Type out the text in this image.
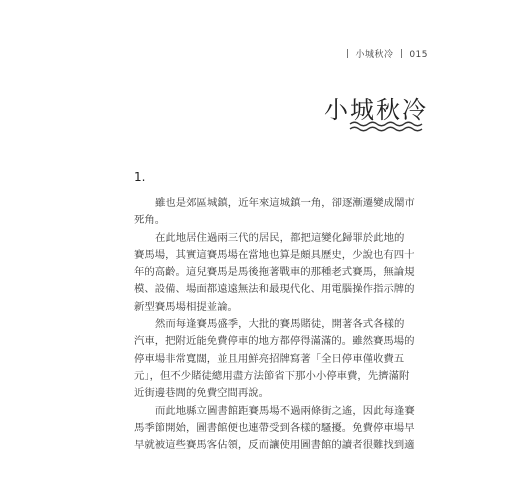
小城秋冷 015
小城秋冷
1.

雖也是郊區城鎮，近年來這城鎮一角，卻逐漸遷變成鬧市
死角。

在此地居住過兩三代的居民，都把這變化歸罪於此地的
賽馬場，其實這賽馬場在當地也算是頗具歷史，少說也有四十
年的高齡。這兒賽馬是馬後拖著戰車的那種老式賽馬，無論規
模、設備、場面都遠遠無法和最現代化、用電腦操作指示牌的
新型賽馬場相提並論。

然而每逢賽馬盛季，大批的賽馬賭徒，開著各式各樣的
汽車，把附近能免費停車的地方都停得滿滿的。雖然賽馬場的
停車場非常寬闊，並且用鮮亮招牌寫著「全日停車僅收費五
元」，但不少賭徒總用盡方法節省下那小小停車費，先擠滿附
近街邊巷閭的免費空間再說。

而此地縣立圖書館距賽馬場不過兩條街之遙，因此每逢賽
馬季節開始，圖書館便也連帶受到各樣的騷擾。免費停車場早
早就被這些賽馬客佔領，反而讓使用圖書館的讀者很難找到適
